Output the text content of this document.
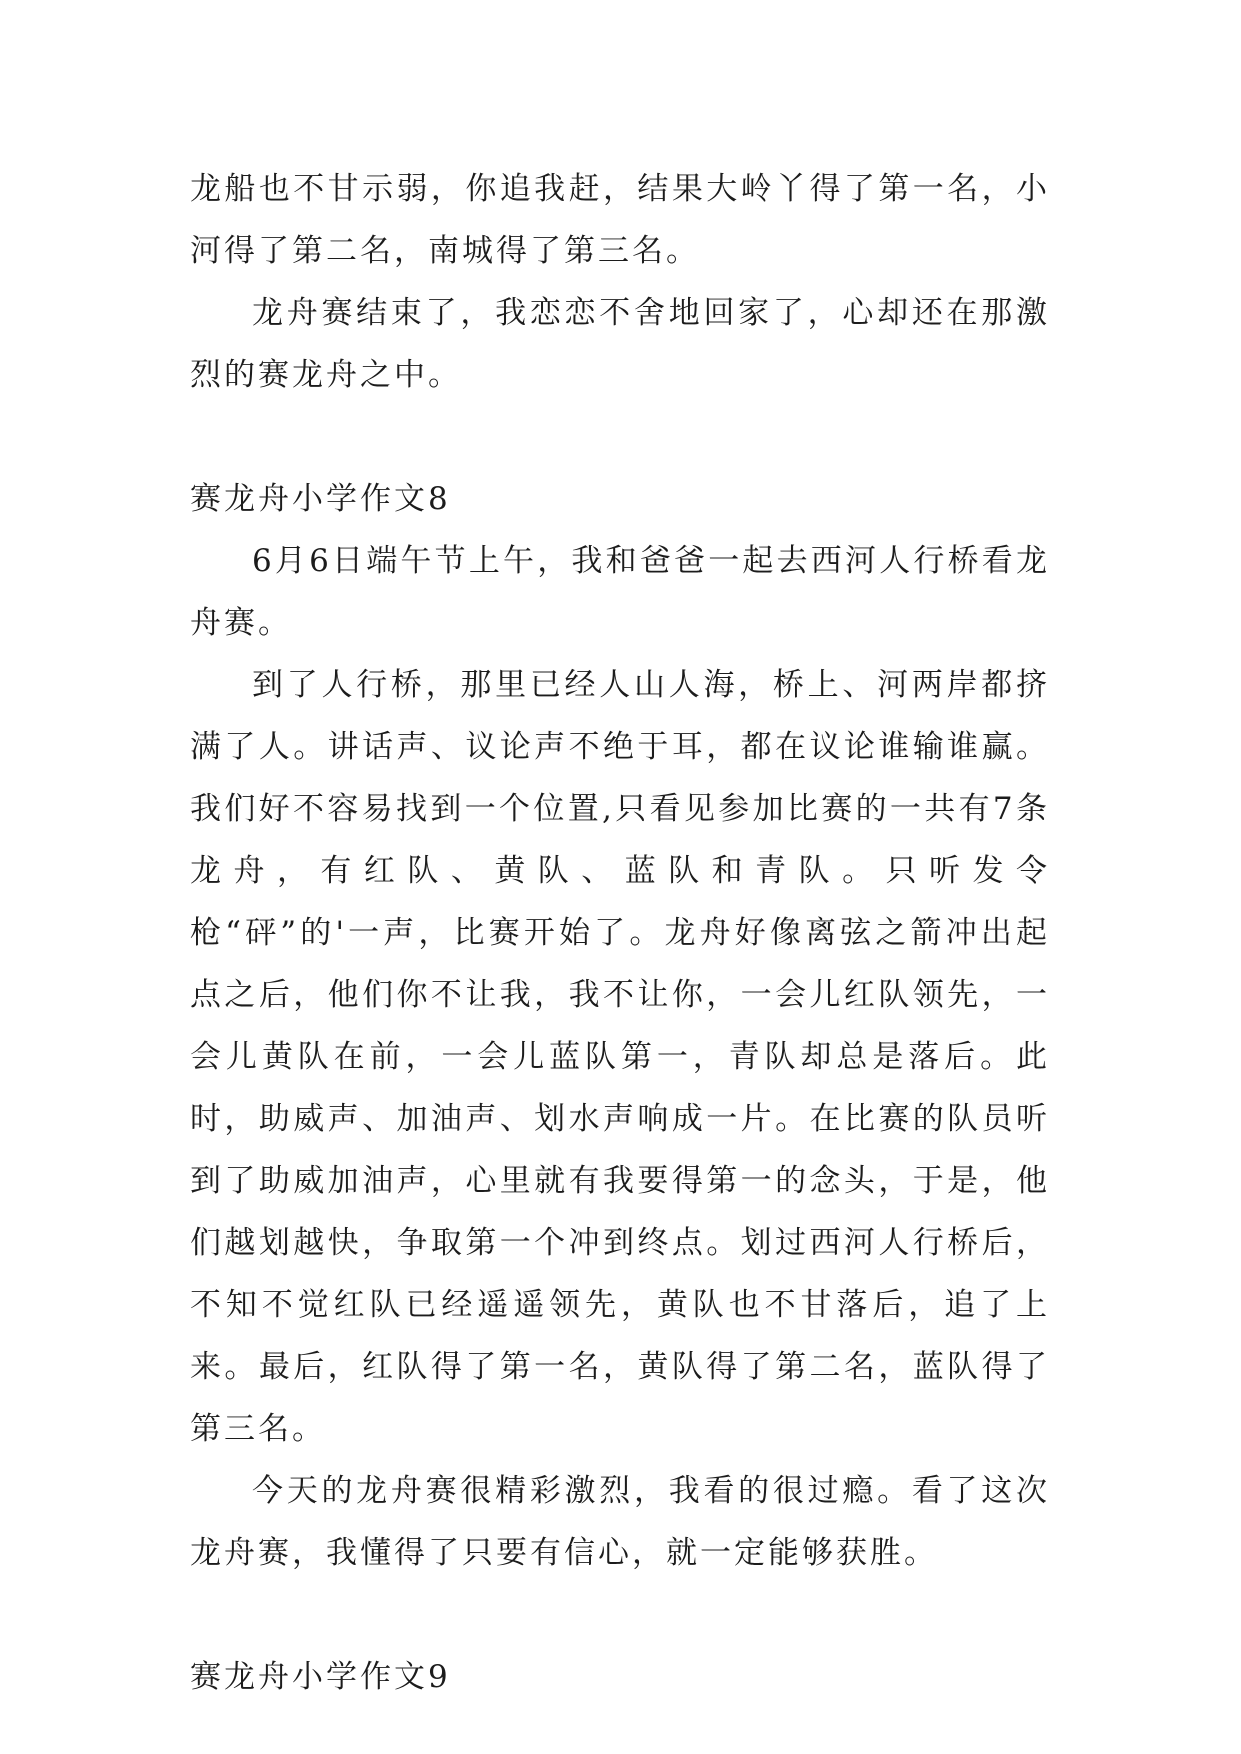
龙船也不甘示弱，你追我赶，结果大岭丫得了第一名，小河得了第二名，南城得了第三名。

龙舟赛结束了，我恋恋不舍地回家了，心却还在那激烈的赛龙舟之中。

赛龙舟小学作文8

6月6日端午节上午，我和爸爸一起去西河人行桥看龙舟赛。

到了人行桥，那里已经人山人海，桥上、河两岸都挤满了人。讲话声、议论声不绝于耳，都在议论谁输谁赢。我们好不容易找到一个位置,只看见参加比赛的一共有7条龙舟，有红队、黄队、蓝队和青队。只听发令枪“砰”的'一声，比赛开始了。龙舟好像离弦之箭冲出起点之后，他们你不让我，我不让你，一会儿红队领先，一会儿黄队在前，一会儿蓝队第一，青队却总是落后。此时，助威声、加油声、划水声响成一片。在比赛的队员听到了助威加油声，心里就有我要得第一的念头，于是，他们越划越快，争取第一个冲到终点。划过西河人行桥后，不知不觉红队已经遥遥领先，黄队也不甘落后，追了上来。最后，红队得了第一名，黄队得了第二名，蓝队得了第三名。

今天的龙舟赛很精彩激烈，我看的很过瘾。看了这次龙舟赛，我懂得了只要有信心，就一定能够获胜。

赛龙舟小学作文9
